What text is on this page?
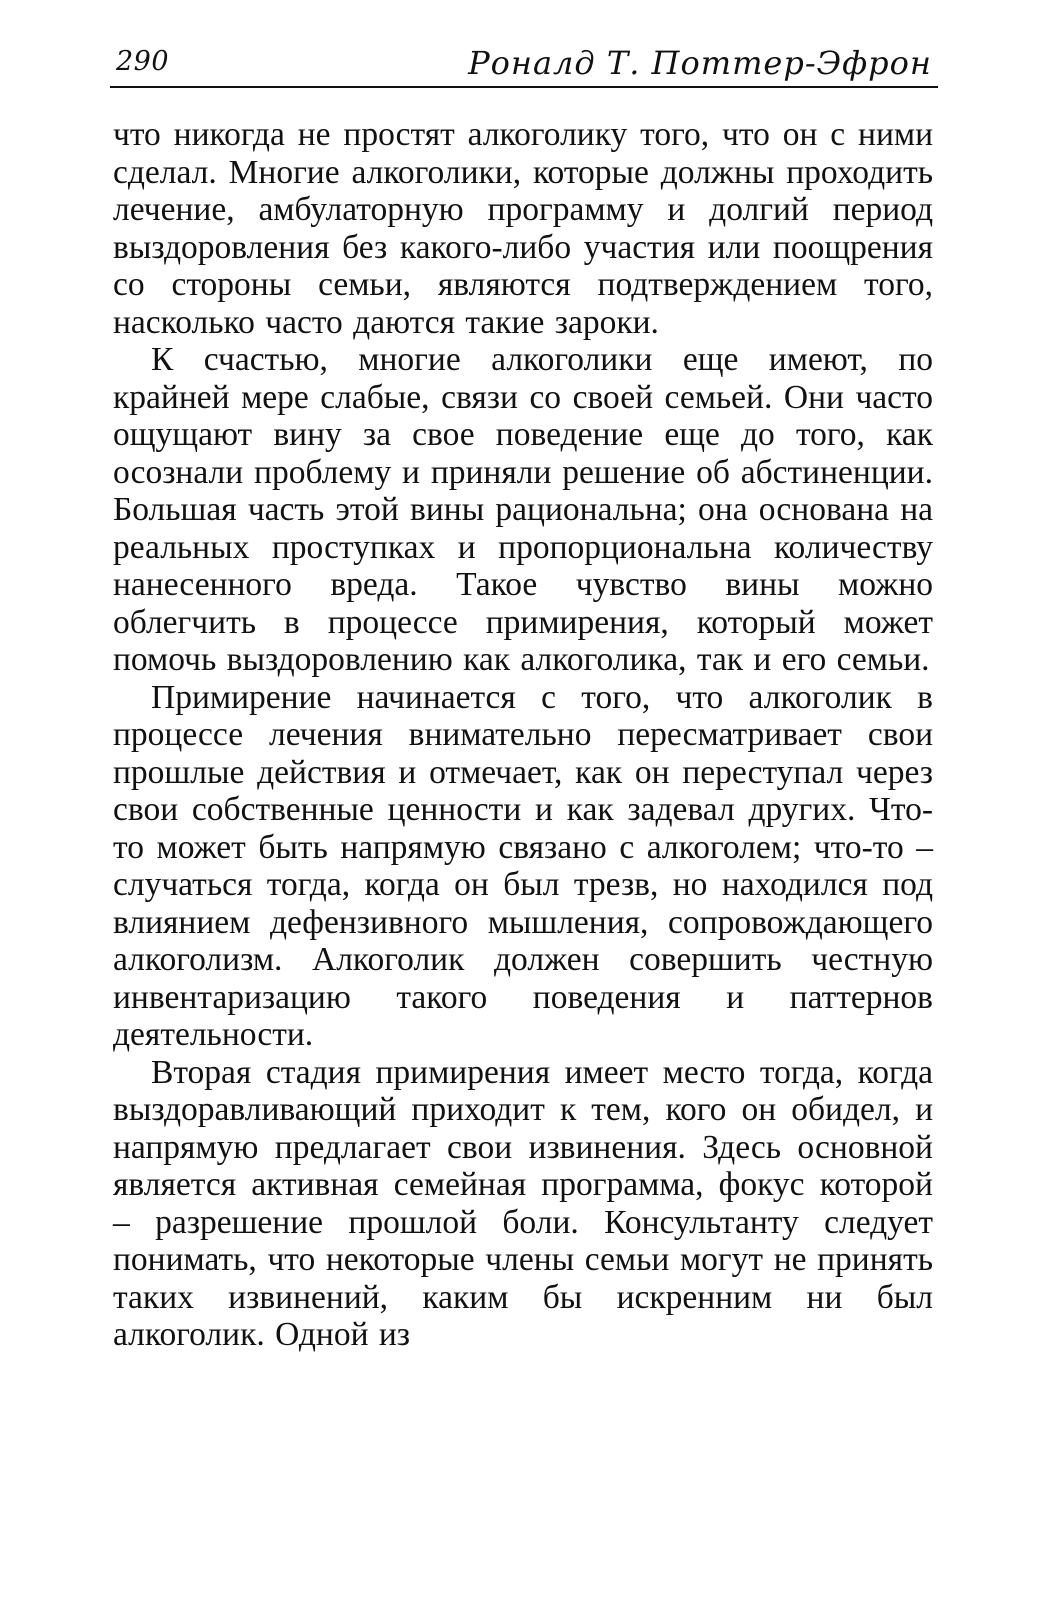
290	Роналд Т. Поттер-Эфрон

что никогда не простят алкоголику того, что он с ними сделал. Многие алкоголики, которые должны проходить лечение, амбулаторную программу и долгий период выздоровления без какого-либо участия или поощрения со стороны семьи, являются подтверждением того, насколько часто даются такие зароки.

К счастью, многие алкоголики еще имеют, по крайней мере слабые, связи со своей семьей. Они часто ощущают вину за свое поведение еще до того, как осознали проблему и приняли решение об абстиненции. Большая часть этой вины рациональна; она основана на реальных проступках и пропорциональна количеству нанесенного вреда. Такое чувство вины можно облегчить в процессе примирения, который может помочь выздоровлению как алкоголика, так и его семьи.

Примирение начинается с того, что алкоголик в процессе лечения внимательно пересматривает свои прошлые действия и отмечает, как он переступал через свои собственные ценности и как задевал других. Что-то может быть напрямую связано с алкоголем; что-то – случаться тогда, когда он был трезв, но находился под влиянием дефензивного мышления, сопровождающего алкоголизм. Алкоголик должен совершить честную инвентаризацию такого поведения и паттернов деятельности.

Вторая стадия примирения имеет место тогда, когда выздоравливающий приходит к тем, кого он обидел, и напрямую предлагает свои извинения. Здесь основной является активная семейная программа, фокус которой – разрешение прошлой боли. Консультанту следует понимать, что некоторые члены семьи могут не принять таких извинений, каким бы искренним ни был алкоголик. Одной из
